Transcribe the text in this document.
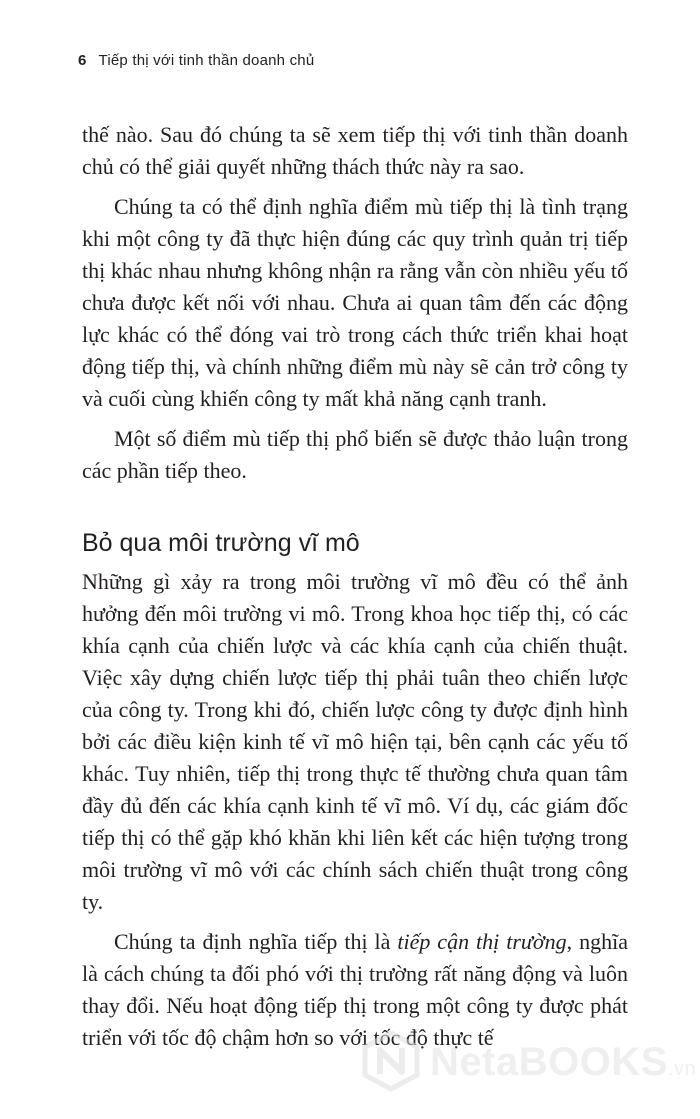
6 Tiếp thị với tinh thần doanh chủ

thế nào. Sau đó chúng ta sẽ xem tiếp thị với tinh thần doanh chủ có thể giải quyết những thách thức này ra sao.

Chúng ta có thể định nghĩa điểm mù tiếp thị là tình trạng khi một công ty đã thực hiện đúng các quy trình quản trị tiếp thị khác nhau nhưng không nhận ra rằng vẫn còn nhiều yếu tố chưa được kết nối với nhau. Chưa ai quan tâm đến các động lực khác có thể đóng vai trò trong cách thức triển khai hoạt động tiếp thị, và chính những điểm mù này sẽ cản trở công ty và cuối cùng khiến công ty mất khả năng cạnh tranh.

Một số điểm mù tiếp thị phổ biến sẽ được thảo luận trong các phần tiếp theo.

Bỏ qua môi trường vĩ mô

Những gì xảy ra trong môi trường vĩ mô đều có thể ảnh hưởng đến môi trường vi mô. Trong khoa học tiếp thị, có các khía cạnh của chiến lược và các khía cạnh của chiến thuật. Việc xây dựng chiến lược tiếp thị phải tuân theo chiến lược của công ty. Trong khi đó, chiến lược công ty được định hình bởi các điều kiện kinh tế vĩ mô hiện tại, bên cạnh các yếu tố khác. Tuy nhiên, tiếp thị trong thực tế thường chưa quan tâm đầy đủ đến các khía cạnh kinh tế vĩ mô. Ví dụ, các giám đốc tiếp thị có thể gặp khó khăn khi liên kết các hiện tượng trong môi trường vĩ mô với các chính sách chiến thuật trong công ty.

Chúng ta định nghĩa tiếp thị là tiếp cận thị trường, nghĩa là cách chúng ta đối phó với thị trường rất năng động và luôn thay đổi. Nếu hoạt động tiếp thị trong một công ty được phát triển với tốc độ chậm hơn so với tốc độ thực tế

NetaBOOKS.vn
